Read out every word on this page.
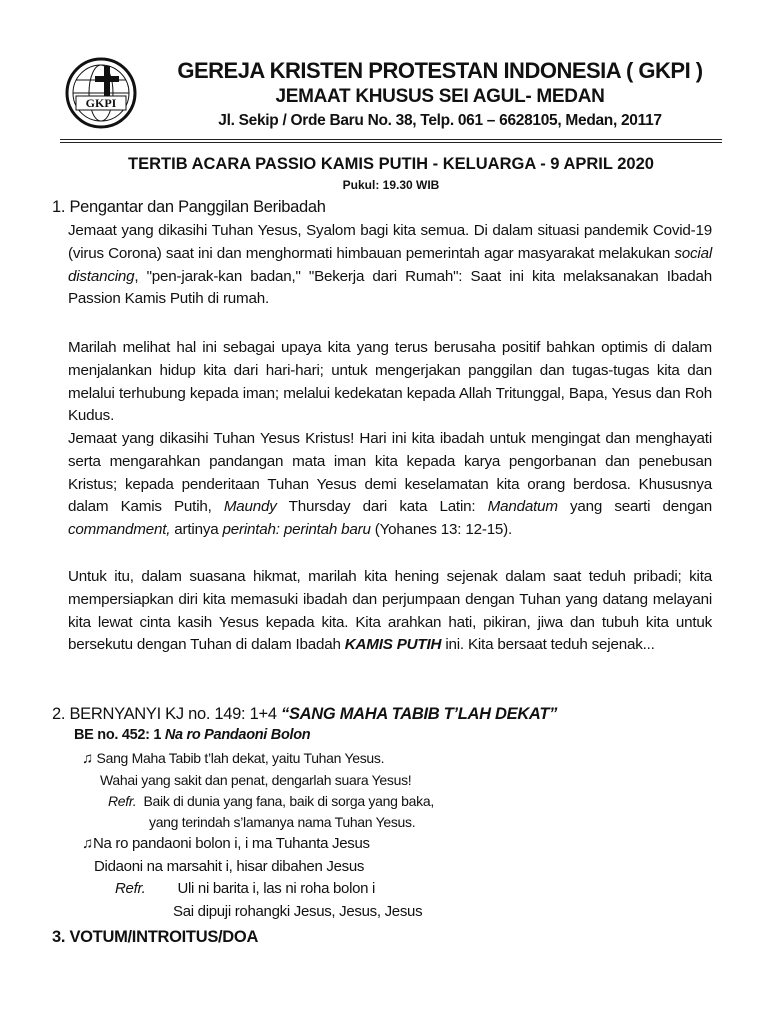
GKPI
GEREJA KRISTEN PROTESTAN INDONESIA ( GKPI )
JEMAAT KHUSUS SEI AGUL- MEDAN
Jl. Sekip / Orde Baru No. 38, Telp. 061 – 6628105, Medan, 20117
TERTIB ACARA PASSIO KAMIS PUTIH - KELUARGA - 9 APRIL 2020
Pukul: 19.30 WIB
1. Pengantar dan Panggilan Beribadah

Jemaat yang dikasihi Tuhan Yesus, Syalom bagi kita semua. Di dalam situasi pandemik Covid-19 (virus Corona) saat ini dan menghormati himbauan pemerintah agar masyarakat melakukan social distancing, "pen-jarak-kan badan," "Bekerja dari Rumah": Saat ini kita melaksanakan Ibadah Passion Kamis Putih di rumah.

Marilah melihat hal ini sebagai upaya kita yang terus berusaha positif bahkan optimis di dalam menjalankan hidup kita dari hari-hari; untuk mengerjakan panggilan dan tugas-tugas kita dan melalui terhubung kepada iman; melalui kedekatan kepada Allah Tritunggal, Bapa, Yesus dan Roh Kudus.

Jemaat yang dikasihi Tuhan Yesus Kristus! Hari ini kita ibadah untuk mengingat dan menghayati serta mengarahkan pandangan mata iman kita kepada karya pengorbanan dan penebusan Kristus; kepada penderitaan Tuhan Yesus demi keselamatan kita orang berdosa. Khususnya dalam Kamis Putih, Maundy Thursday dari kata Latin: Mandatum yang searti dengan commandment, artinya perintah: perintah baru (Yohanes 13: 12-15).

Untuk itu, dalam suasana hikmat, marilah kita hening sejenak dalam saat teduh pribadi; kita mempersiapkan diri kita memasuki ibadah dan perjumpaan dengan Tuhan yang datang melayani kita lewat cinta kasih Yesus kepada kita. Kita arahkan hati, pikiran, jiwa dan tubuh kita untuk bersekutu dengan Tuhan di dalam Ibadah KAMIS PUTIH ini. Kita bersaat teduh sejenak...

2. BERNYANYI KJ no. 149: 1+4 “SANG MAHA TABIB T’LAH DEKAT”
BE no. 452: 1 Na ro Pandaoni Bolon
♫ Sang Maha Tabib t’lah dekat, yaitu Tuhan Yesus.
Wahai yang sakit dan penat, dengarlah suara Yesus!
Refr. Baik di dunia yang fana, baik di sorga yang baka,
yang terindah s’lamanya nama Tuhan Yesus.
♫Na ro pandaoni bolon i, i ma Tuhanta Jesus
Didaoni na marsahit i, hisar dibahen Jesus
Refr. Uli ni barita i, las ni roha bolon i
Sai dipuji rohangki Jesus, Jesus, Jesus
3. VOTUM/INTROITUS/DOA
